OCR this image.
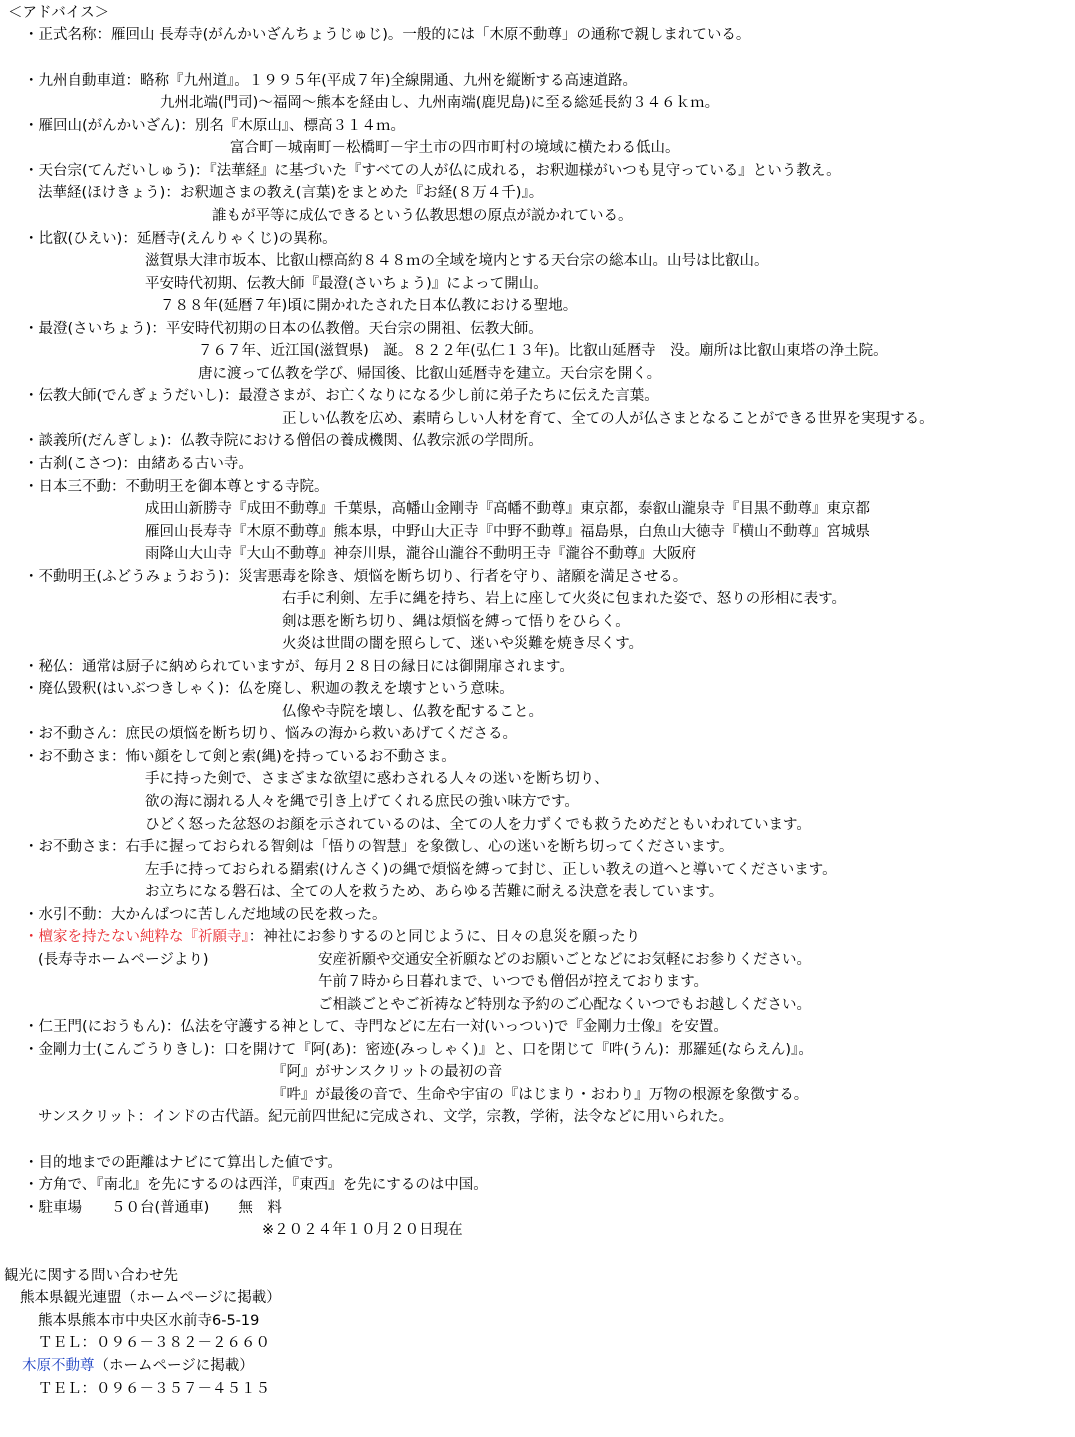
＜アドバイス＞
・正式名称：雁回山 長寿寺(がんかいざんちょうじゅじ)。一般的には「木原不動尊」の通称で親しまれている。
・九州自動車道：略称『九州道』。１９９５年(平成７年)全線開通、九州を縦断する高速道路。
九州北端(門司)～福岡～熊本を経由し、九州南端(鹿児島)に至る総延長約３４６ｋｍ。
・雁回山(がんかいざん)：別名『木原山』、標高３１４ｍ。
富合町－城南町－松橋町－宇土市の四市町村の境域に横たわる低山。
・天台宗(てんだいしゅう)：『法華経』に基づいた『すべての人が仏に成れる，お釈迦様がいつも見守っている』という教え。
法華経(ほけきょう)：お釈迦さまの教え(言葉)をまとめた『お経(８万４千)』。
誰もが平等に成仏できるという仏教思想の原点が説かれている。
・比叡(ひえい)：延暦寺(えんりゃくじ)の異称。
滋賀県大津市坂本、比叡山標高約８４８ｍの全域を境内とする天台宗の総本山。山号は比叡山。
平安時代初期、伝教大師『最澄(さいちょう)』によって開山。
７８８年(延暦７年)頃に開かれたされた日本仏教における聖地。
・最澄(さいちょう)：平安時代初期の日本の仏教僧。天台宗の開祖、伝教大師。
７６７年、近江国(滋賀県)　誕。８２２年(弘仁１３年)。比叡山延暦寺　没。廟所は比叡山東塔の浄土院。
唐に渡って仏教を学び、帰国後、比叡山延暦寺を建立。天台宗を開く。
・伝教大師(でんぎょうだいし)：最澄さまが、お亡くなりになる少し前に弟子たちに伝えた言葉。
正しい仏教を広め、素晴らしい人材を育て、全ての人が仏さまとなることができる世界を実現する。
・談義所(だんぎしょ)：仏教寺院における僧侶の養成機関、仏教宗派の学問所。
・古刹(こさつ)：由緒ある古い寺。
・日本三不動：不動明王を御本尊とする寺院。
成田山新勝寺『成田不動尊』千葉県，高幡山金剛寺『高幡不動尊』東京都，泰叡山瀧泉寺『目黒不動尊』東京都
雁回山長寿寺『木原不動尊』熊本県，中野山大正寺『中野不動尊』福島県，白魚山大徳寺『横山不動尊』宮城県
雨降山大山寺『大山不動尊』神奈川県，瀧谷山瀧谷不動明王寺『瀧谷不動尊』大阪府
・不動明王(ふどうみょうおう)：災害悪毒を除き、煩悩を断ち切り、行者を守り、諸願を満足させる。
右手に利剣、左手に縄を持ち、岩上に座して火炎に包まれた姿で、怒りの形相に表す。
剣は悪を断ち切り、縄は煩悩を縛って悟りをひらく。
火炎は世間の闇を照らして、迷いや災難を焼き尽くす。
・秘仏：通常は厨子に納められていますが、毎月２８日の縁日には御開扉されます。
・廃仏毀釈(はいぶつきしゃく)：仏を廃し、釈迦の教えを壊すという意味。
仏像や寺院を壊し、仏教を配すること。
・お不動さん：庶民の煩悩を断ち切り、悩みの海から救いあげてくださる。
・お不動さま：怖い顔をして剣と索(縄)を持っているお不動さま。
手に持った剣で、さまざまな欲望に惑わされる人々の迷いを断ち切り、
欲の海に溺れる人々を縄で引き上げてくれる庶民の強い味方です。
ひどく怒った忿怒のお顔を示されているのは、全ての人を力ずくでも救うためだともいわれています。
・お不動さま：右手に握っておられる智剣は「悟りの智慧」を象徴し、心の迷いを断ち切ってくださいます。
左手に持っておられる羂索(けんさく)の縄で煩悩を縛って封じ、正しい教えの道へと導いてくださいます。
お立ちになる磐石は、全ての人を救うため、あらゆる苦難に耐える決意を表しています。
・水引不動：大かんばつに苦しんだ地域の民を救った。
・檀家を持たない純粋な『祈願寺』：神社にお参りするのと同じように、日々の息災を願ったり
(長寿寺ホームページより)	安産祈願や交通安全祈願などのお願いごとなどにお気軽にお参りください。
午前７時から日暮れまで、いつでも僧侶が控えております。
ご相談ごとやご祈祷など特別な予約のご心配なくいつでもお越しください。
・仁王門(におうもん)：仏法を守護する神として、寺門などに左右一対(いっつい)で『金剛力士像』を安置。
・金剛力士(こんごうりきし)：口を開けて『阿(あ)：密迹(みっしゃく)』と、口を閉じて『吽(うん)：那羅延(ならえん)』。
『阿』がサンスクリットの最初の音
『吽』が最後の音で、生命や宇宙の『はじまり・おわり』万物の根源を象徴する。
サンスクリット：インドの古代語。紀元前四世紀に完成され、文学，宗教，学術，法令などに用いられた。
・目的地までの距離はナビにて算出した値です。
・方角で、『南北』を先にするのは西洋，『東西』を先にするのは中国。
・駐車場　　５０台(普通車)　　無　料
※２０２４年１０月２０日現在
観光に関する問い合わせ先
熊本県観光連盟（ホームページに掲載）
熊本県熊本市中央区水前寺6-5-19
ＴＥＬ：０９６－３８２－２６６０
木原不動尊（ホームページに掲載）
ＴＥＬ：０９６－３５７－４５１５
